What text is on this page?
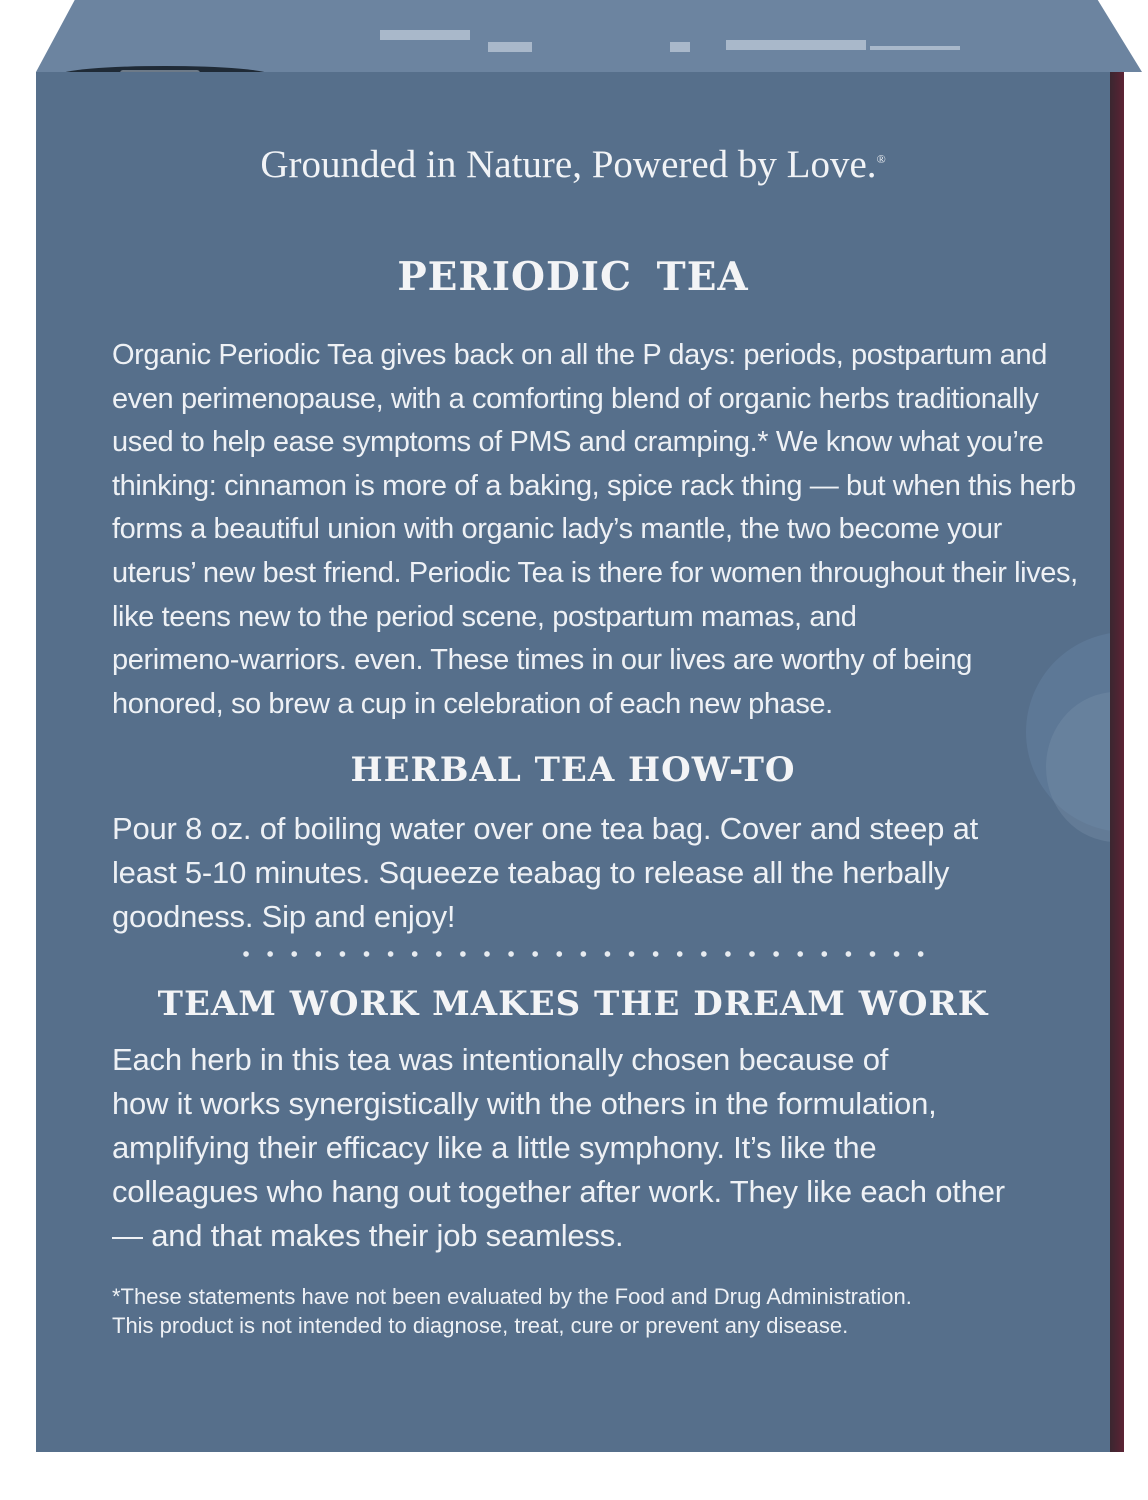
Grounded in Nature, Powered by Love.®
PERIODIC TEA
Organic Periodic Tea gives back on all the P days: periods, postpartum and
even perimenopause, with a comforting blend of organic herbs traditionally
used to help ease symptoms of PMS and cramping.* We know what you’re
thinking: cinnamon is more of a baking, spice rack thing — but when this herb
forms a beautiful union with organic lady’s mantle, the two become your
uterus’ new best friend. Periodic Tea is there for women throughout their lives,
like teens new to the period scene, postpartum mamas, and
perimeno-warriors. even. These times in our lives are worthy of being
honored, so brew a cup in celebration of each new phase.
HERBAL TEA HOW-TO
Pour 8 oz. of boiling water over one tea bag. Cover and steep at
least 5-10 minutes. Squeeze teabag to release all the herbally
goodness. Sip and enjoy!
TEAM WORK MAKES THE DREAM WORK
Each herb in this tea was intentionally chosen because of
how it works synergistically with the others in the formulation,
amplifying their efficacy like a little symphony. It’s like the
colleagues who hang out together after work. They like each other
— and that makes their job seamless.
*These statements have not been evaluated by the Food and Drug Administration.
This product is not intended to diagnose, treat, cure or prevent any disease.
